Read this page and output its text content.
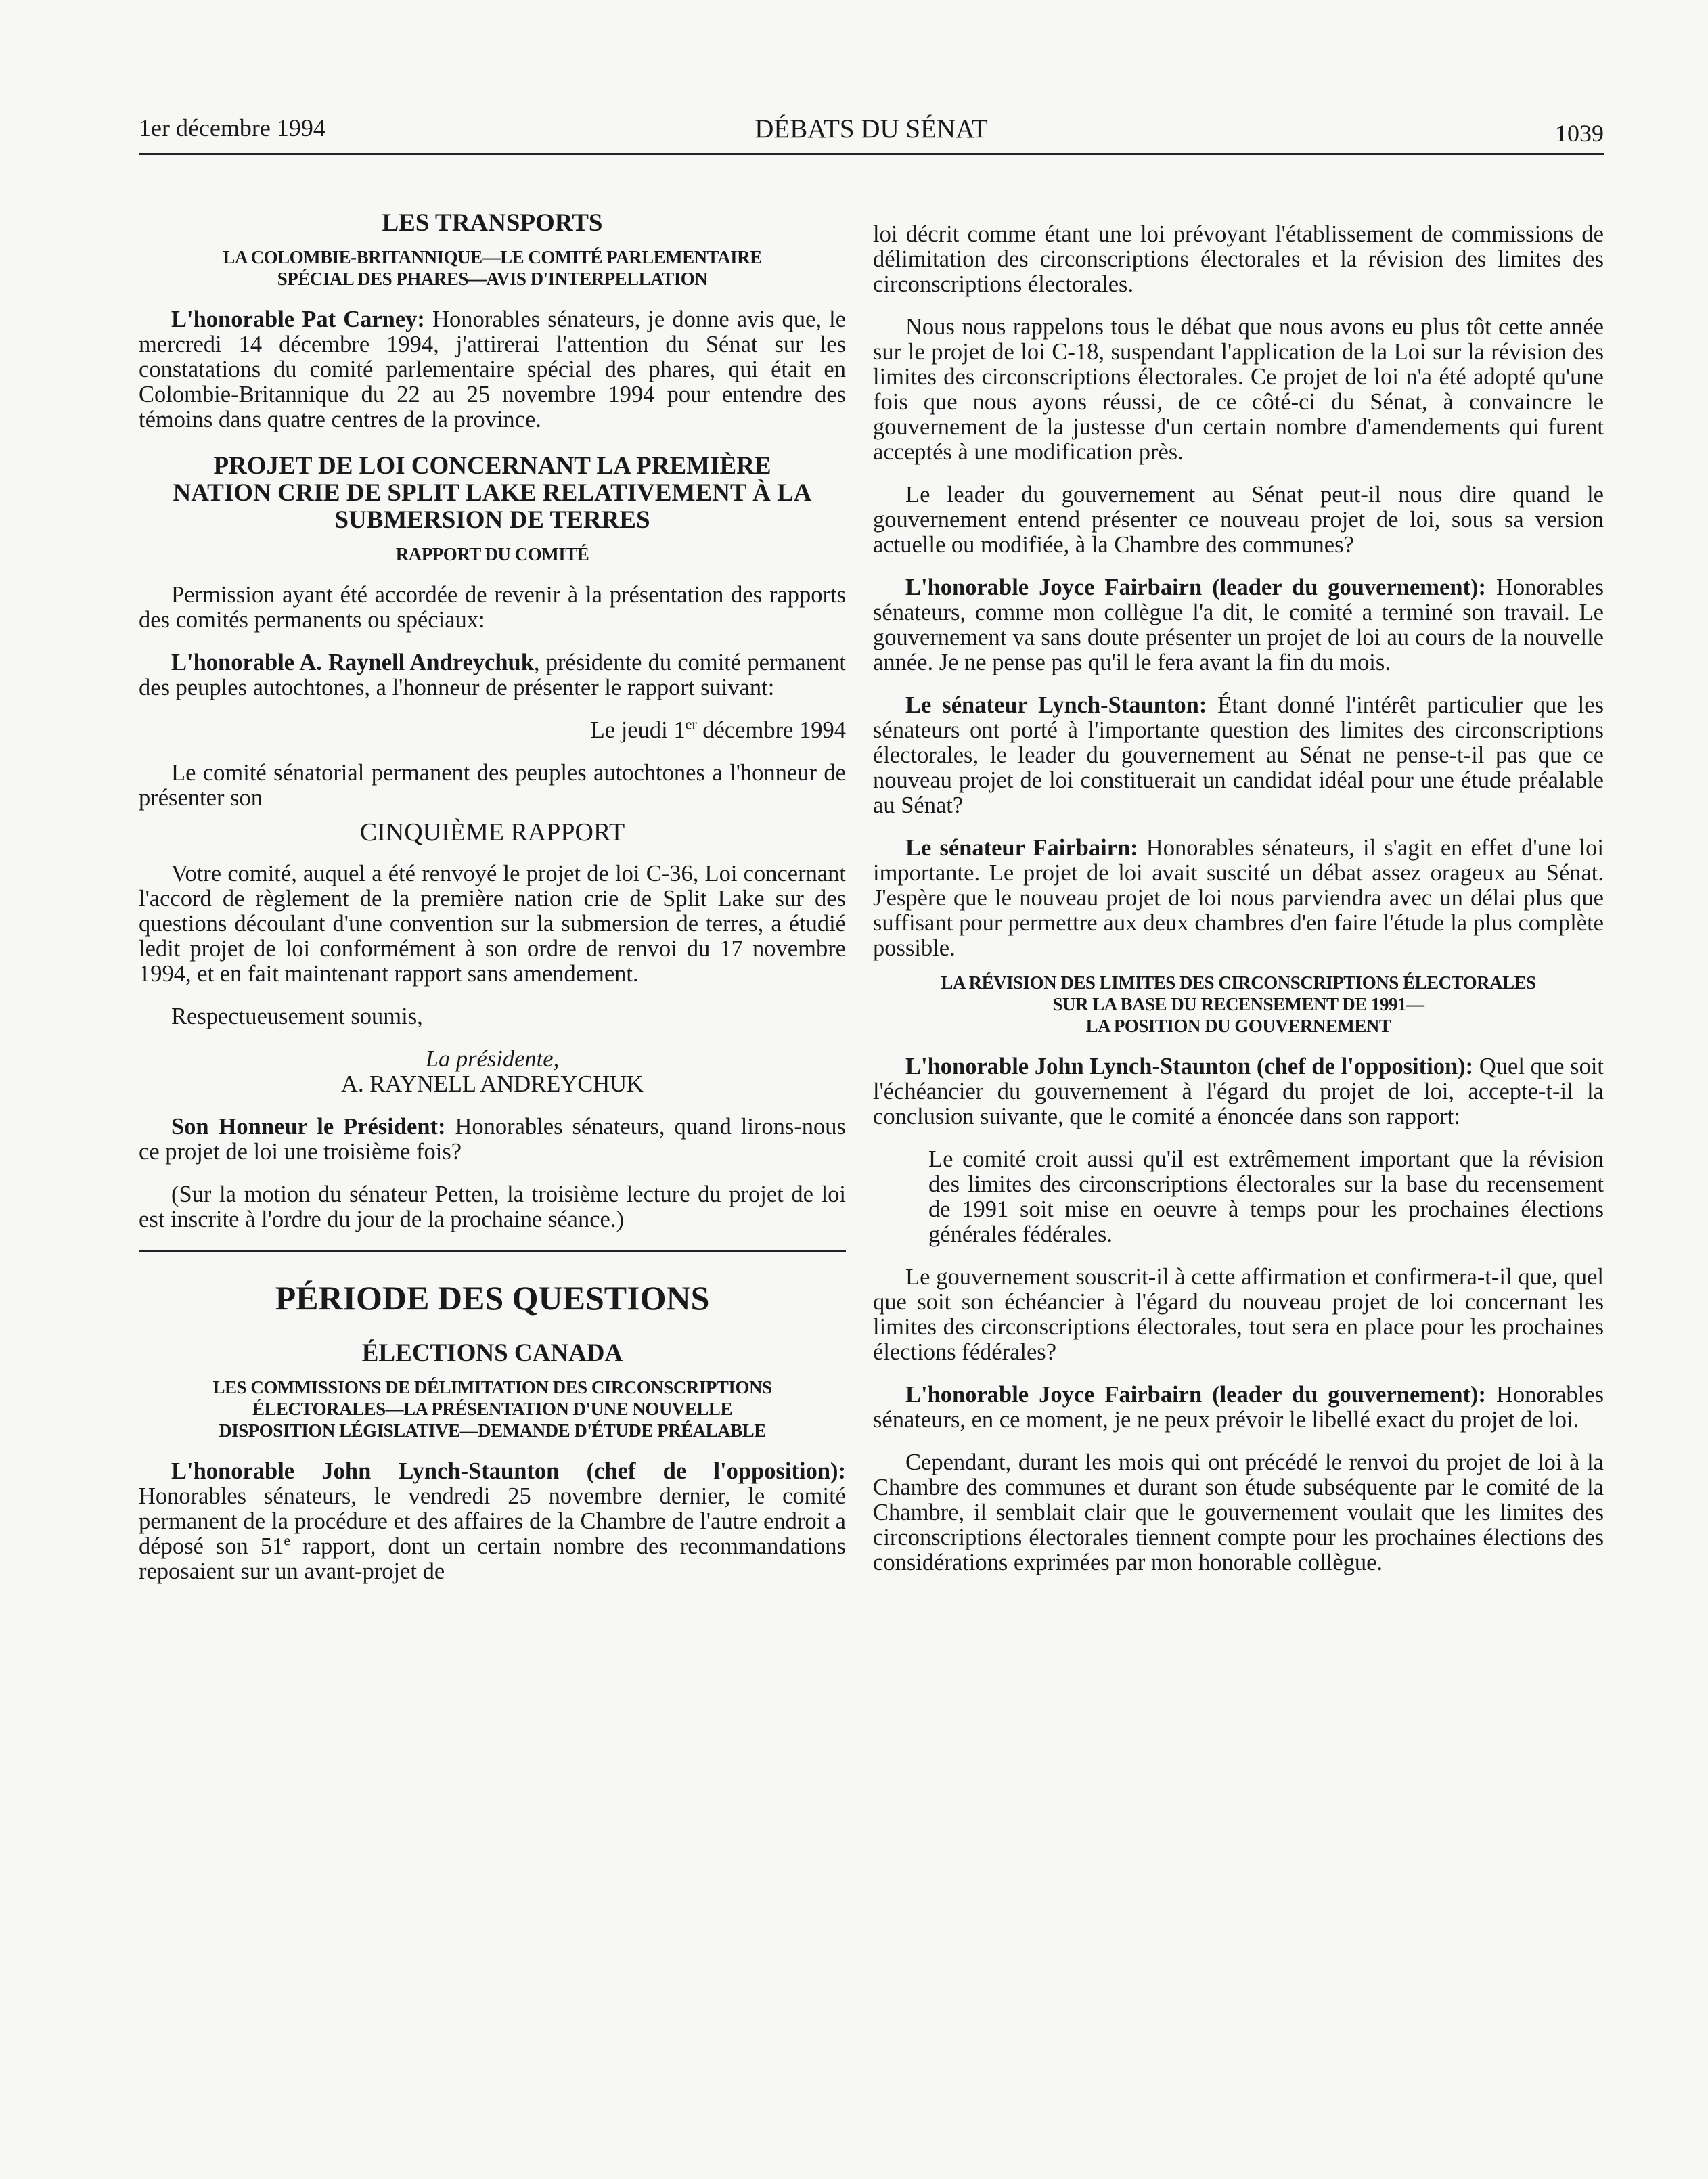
1er décembre 1994	DÉBATS DU SÉNAT	1039
LES TRANSPORTS
LA COLOMBIE-BRITANNIQUE—LE COMITÉ PARLEMENTAIRE
SPÉCIAL DES PHARES—AVIS D'INTERPELLATION

L'honorable Pat Carney: Honorables sénateurs, je donne avis que, le mercredi 14 décembre 1994, j'attirerai l'attention du Sénat sur les constatations du comité parlementaire spécial des phares, qui était en Colombie-Britannique du 22 au 25 novembre 1994 pour entendre des témoins dans quatre centres de la province.

PROJET DE LOI CONCERNANT LA PREMIÈRE
NATION CRIE DE SPLIT LAKE RELATIVEMENT À LA
SUBMERSION DE TERRES
RAPPORT DU COMITÉ

Permission ayant été accordée de revenir à la présentation des rapports des comités permanents ou spéciaux:

L'honorable A. Raynell Andreychuk, présidente du comité permanent des peuples autochtones, a l'honneur de présenter le rapport suivant:

Le jeudi 1er décembre 1994

Le comité sénatorial permanent des peuples autochtones a l'honneur de présenter son

CINQUIÈME RAPPORT

Votre comité, auquel a été renvoyé le projet de loi C-36, Loi concernant l'accord de règlement de la première nation crie de Split Lake sur des questions découlant d'une convention sur la submersion de terres, a étudié ledit projet de loi conformément à son ordre de renvoi du 17 novembre 1994, et en fait maintenant rapport sans amendement.

Respectueusement soumis,

La présidente,
A. RAYNELL ANDREYCHUK

Son Honneur le Président: Honorables sénateurs, quand lirons-nous ce projet de loi une troisième fois?

(Sur la motion du sénateur Petten, la troisième lecture du projet de loi est inscrite à l'ordre du jour de la prochaine séance.)

PÉRIODE DES QUESTIONS
ÉLECTIONS CANADA
LES COMMISSIONS DE DÉLIMITATION DES CIRCONSCRIPTIONS
ÉLECTORALES—LA PRÉSENTATION D'UNE NOUVELLE
DISPOSITION LÉGISLATIVE—DEMANDE D'ÉTUDE PRÉALABLE

L'honorable John Lynch-Staunton (chef de l'opposition): Honorables sénateurs, le vendredi 25 novembre dernier, le comité permanent de la procédure et des affaires de la Chambre de l'autre endroit a déposé son 51e rapport, dont un certain nombre des recommandations reposaient sur un avant-projet de

loi décrit comme étant une loi prévoyant l'établissement de commissions de délimitation des circonscriptions électorales et la révision des limites des circonscriptions électorales.

Nous nous rappelons tous le débat que nous avons eu plus tôt cette année sur le projet de loi C-18, suspendant l'application de la Loi sur la révision des limites des circonscriptions électorales. Ce projet de loi n'a été adopté qu'une fois que nous ayons réussi, de ce côté-ci du Sénat, à convaincre le gouvernement de la justesse d'un certain nombre d'amendements qui furent acceptés à une modification près.

Le leader du gouvernement au Sénat peut-il nous dire quand le gouvernement entend présenter ce nouveau projet de loi, sous sa version actuelle ou modifiée, à la Chambre des communes?

L'honorable Joyce Fairbairn (leader du gouvernement): Honorables sénateurs, comme mon collègue l'a dit, le comité a terminé son travail. Le gouvernement va sans doute présenter un projet de loi au cours de la nouvelle année. Je ne pense pas qu'il le fera avant la fin du mois.

Le sénateur Lynch-Staunton: Étant donné l'intérêt particulier que les sénateurs ont porté à l'importante question des limites des circonscriptions électorales, le leader du gouvernement au Sénat ne pense-t-il pas que ce nouveau projet de loi constituerait un candidat idéal pour une étude préalable au Sénat?

Le sénateur Fairbairn: Honorables sénateurs, il s'agit en effet d'une loi importante. Le projet de loi avait suscité un débat assez orageux au Sénat. J'espère que le nouveau projet de loi nous parviendra avec un délai plus que suffisant pour permettre aux deux chambres d'en faire l'étude la plus complète possible.

LA RÉVISION DES LIMITES DES CIRCONSCRIPTIONS ÉLECTORALES
SUR LA BASE DU RECENSEMENT DE 1991—
LA POSITION DU GOUVERNEMENT

L'honorable John Lynch-Staunton (chef de l'opposition): Quel que soit l'échéancier du gouvernement à l'égard du projet de loi, accepte-t-il la conclusion suivante, que le comité a énoncée dans son rapport:

Le comité croit aussi qu'il est extrêmement important que la révision des limites des circonscriptions électorales sur la base du recensement de 1991 soit mise en oeuvre à temps pour les prochaines élections générales fédérales.

Le gouvernement souscrit-il à cette affirmation et confirmera-t-il que, quel que soit son échéancier à l'égard du nouveau projet de loi concernant les limites des circonscriptions électorales, tout sera en place pour les prochaines élections fédérales?

L'honorable Joyce Fairbairn (leader du gouvernement): Honorables sénateurs, en ce moment, je ne peux prévoir le libellé exact du projet de loi.

Cependant, durant les mois qui ont précédé le renvoi du projet de loi à la Chambre des communes et durant son étude subséquente par le comité de la Chambre, il semblait clair que le gouvernement voulait que les limites des circonscriptions électorales tiennent compte pour les prochaines élections des considérations exprimées par mon honorable collègue.
